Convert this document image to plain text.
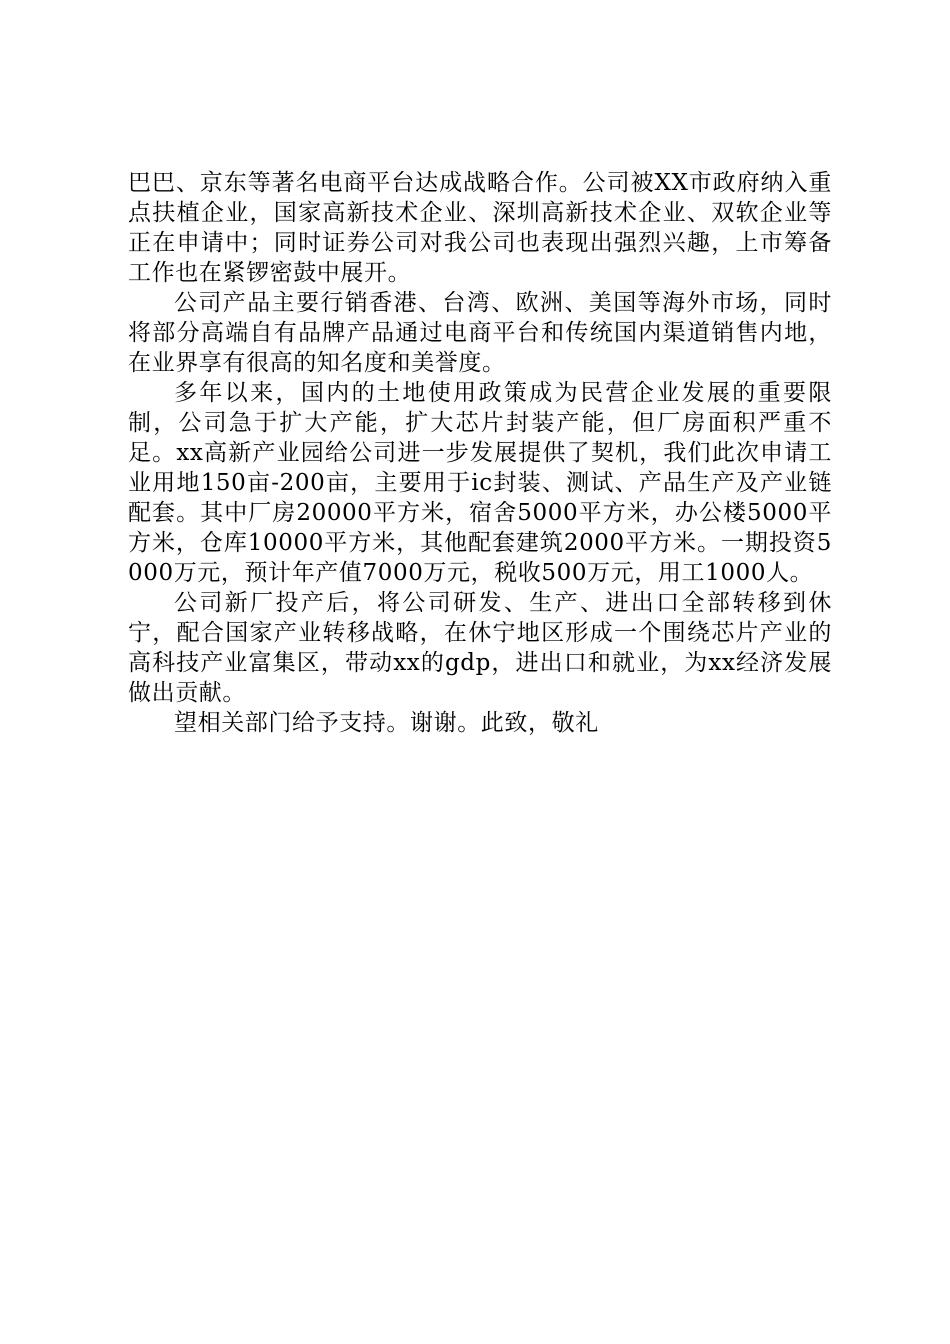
巴巴、京东等著名电商平台达成战略合作。公司被XX市政府纳入重点扶植企业，国家高新技术企业、深圳高新技术企业、双软企业等正在申请中；同时证券公司对我公司也表现出强烈兴趣，上市筹备工作也在紧锣密鼓中展开。

公司产品主要行销香港、台湾、欧洲、美国等海外市场，同时将部分高端自有品牌产品通过电商平台和传统国内渠道销售内地，在业界享有很高的知名度和美誉度。

多年以来，国内的土地使用政策成为民营企业发展的重要限制，公司急于扩大产能，扩大芯片封装产能，但厂房面积严重不足。xx高新产业园给公司进一步发展提供了契机，我们此次申请工业用地150亩-200亩，主要用于ic封装、测试、产品生产及产业链配套。其中厂房20000平方米，宿舍5000平方米，办公楼5000平方米，仓库10000平方米，其他配套建筑2000平方米。一期投资5000万元，预计年产值7000万元，税收500万元，用工1000人。

公司新厂投产后，将公司研发、生产、进出口全部转移到休宁，配合国家产业转移战略，在休宁地区形成一个围绕芯片产业的高科技产业富集区，带动xx的gdp，进出口和就业，为xx经济发展做出贡献。

望相关部门给予支持。谢谢。此致，敬礼
